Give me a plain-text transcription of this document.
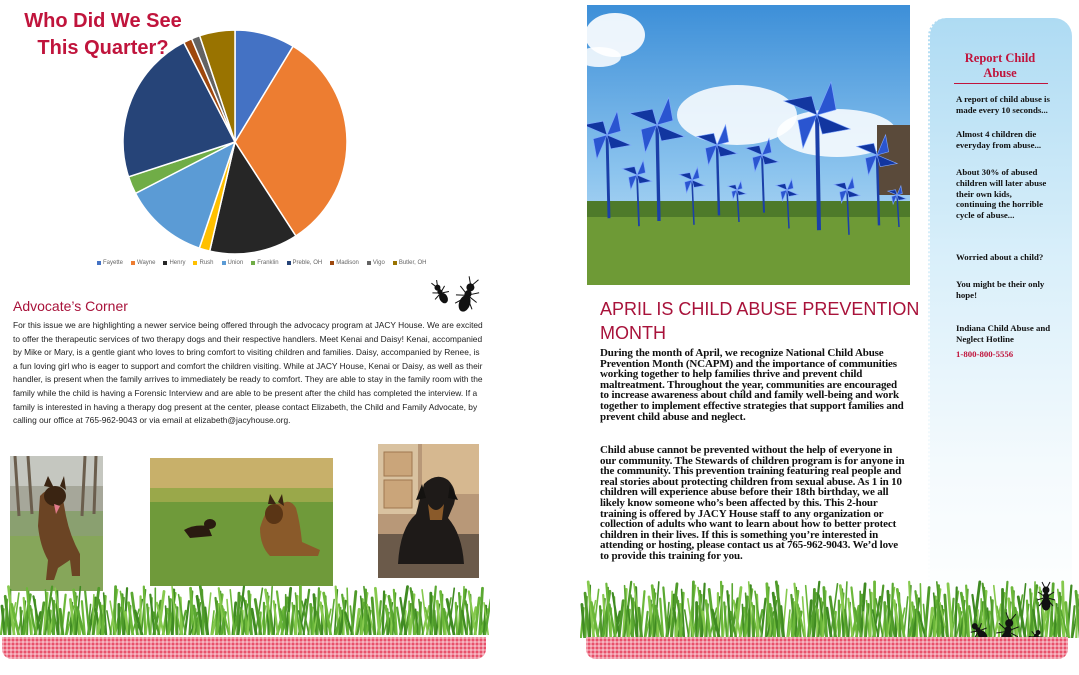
Who Did We See This Quarter?
Fayette Wayne Henry Rush Union Franklin Preble, OH Madison Vigo Butler, OH
Advocate’s Corner

For this issue we are highlighting a newer service being offered through the advocacy program at JACY House. We are excited to offer the therapeutic services of two therapy dogs and their respective handlers. Meet Kenai and Daisy! Kenai, accompanied by Mike or Mary, is a gentle giant who loves to bring comfort to visiting children and families. Daisy, accompanied by Renee, is a fun loving girl who is eager to support and comfort the children visiting. While at JACY House, Kenai or Daisy, as well as their handler, is present when the family arrives to immediately be ready to comfort. They are able to stay in the family room with the family while the child is having a Forensic Interview and are able to be present after the child has completed the interview. If a family is interested in having a therapy dog present at the center, please contact Elizabeth, the Child and Family Advocate, by calling our office at 765-962-9043 or via email at elizabeth@jacyhouse.org.

Report Child Abuse

A report of child abuse is made every 10 seconds...

Almost 4 children die everyday from abuse...

About 30% of abused children will later abuse their own kids, continuing the horrible cycle of abuse...

Worried about a child?

You might be their only hope!

Indiana Child Abuse and Neglect Hotline

1-800-800-5556

APRIL IS CHILD ABUSE PREVENTION MONTH

During the month of April, we recognize National Child Abuse Prevention Month (NCAPM) and the importance of communities working together to help families thrive and prevent child maltreatment. Throughout the year, communities are encouraged to increase awareness about child and family well-being and work together to implement effective strategies that support families and prevent child abuse and neglect.

Child abuse cannot be prevented without the help of everyone in our community. The Stewards of children program is for anyone in the community. This prevention training featuring real people and real stories about protecting children from sexual abuse. As 1 in 10 children will experience abuse before their 18th birthday, we all likely know someone who’s been affected by this. This 2-hour training is offered by JACY House staff to any organization or collection of adults who want to learn about how to better protect children in their lives. If this is something you’re interested in attending or hosting, please contact us at 765-962-9043. We’d love to provide this training for you.
